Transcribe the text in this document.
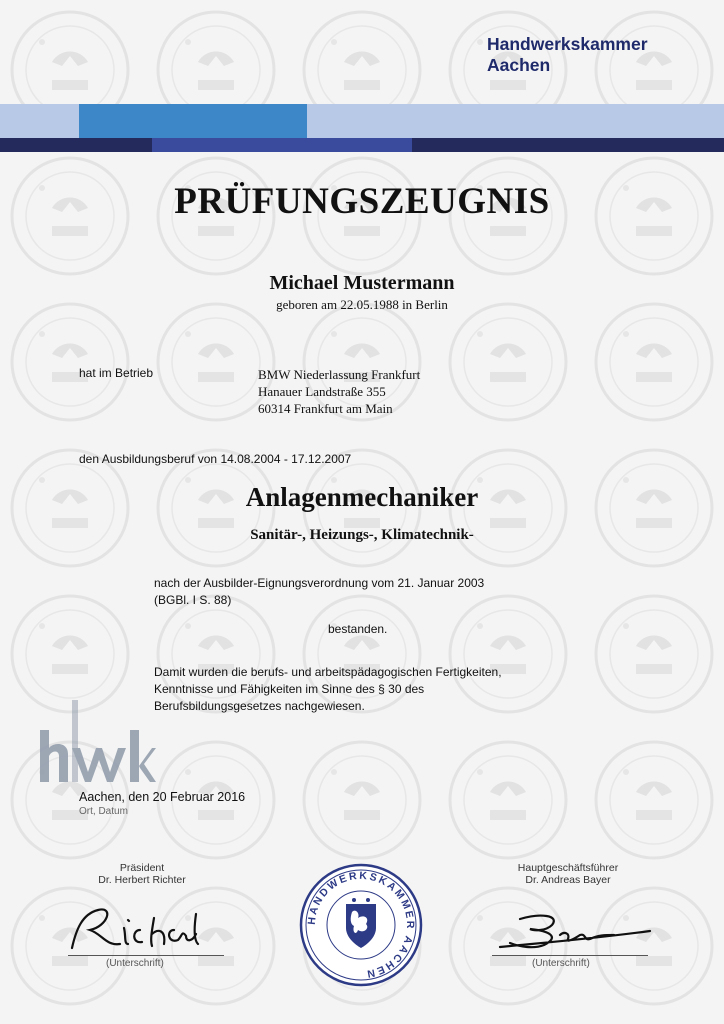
Handwerkskammer
Aachen
PRÜFUNGSZEUGNIS
Michael Mustermann
geboren am 22.05.1988 in Berlin
hat im Betrieb	BMW Niederlassung Frankfurt
Hanauer Landstraße 355
60314 Frankfurt am Main
den Ausbildungsberuf von 14.08.2004 - 17.12.2007
Anlagenmechaniker
Sanitär-, Heizungs-, Klimatechnik-
nach der Ausbilder-Eignungsverordnung vom 21. Januar 2003
(BGBl. I S. 88)
bestanden.
Damit wurden die berufs- und arbeitspädagogischen Fertigkeiten,
Kenntnisse und Fähigkeiten im Sinne des § 30 des
Berufsbildungsgesetzes nachgewiesen.
Aachen, den 20 Februar 2016
Ort, Datum
Präsident
Dr. Herbert Richter
Hauptgeschäftsführer
Dr. Andreas Bayer
(Unterschrift)	(Unterschrift)
HANDWERKSKAMMER AACHEN
